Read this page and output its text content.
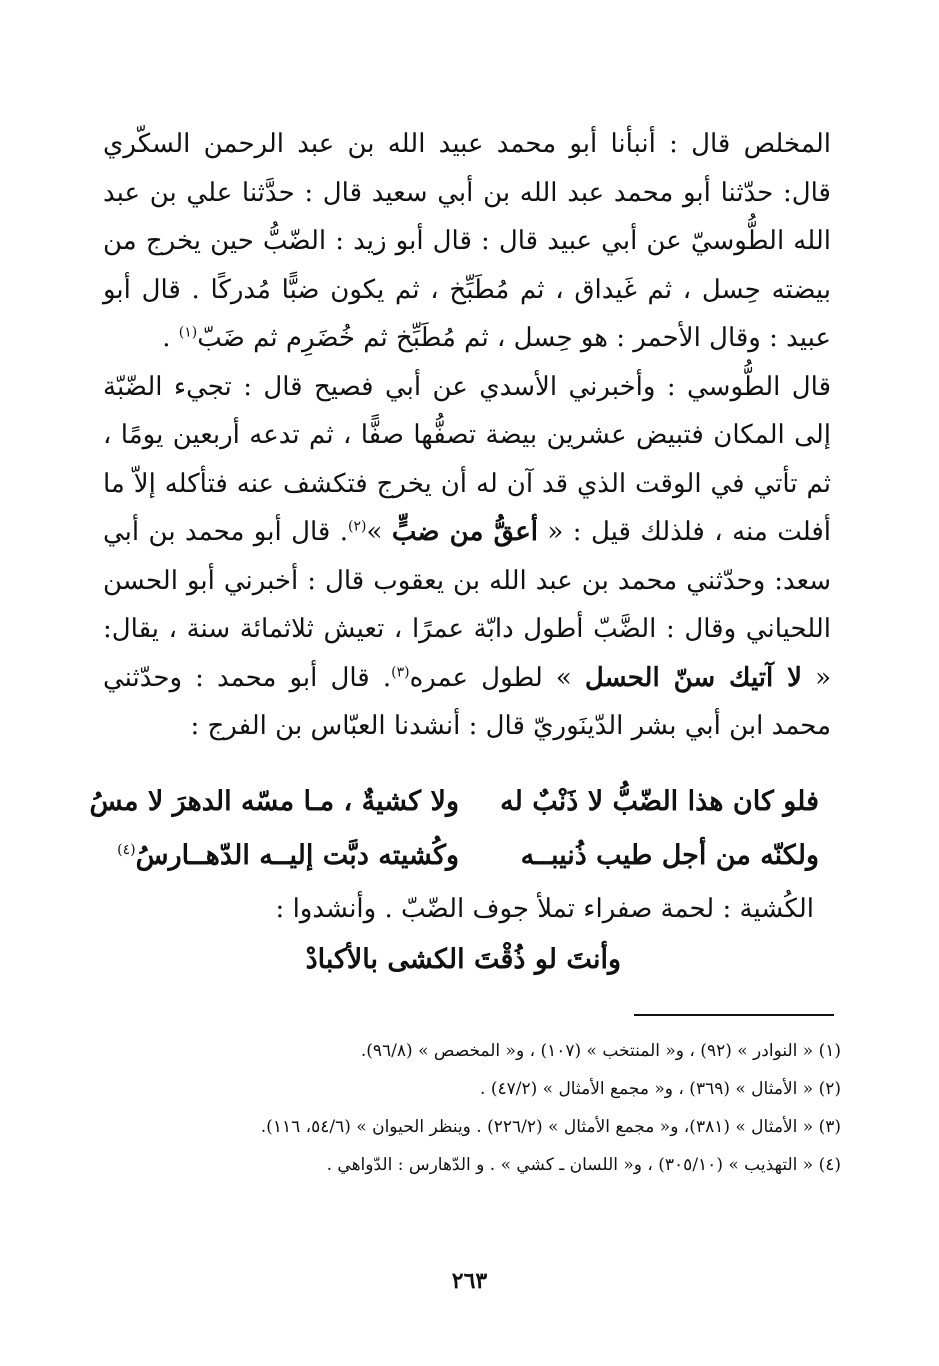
المخلص قال : أنبأنا أبو محمد عبيد الله بن عبد الرحمن السكّري قال: حدّثنا أبو محمد عبد الله بن أبي سعيد قال : حدَّثنا علي بن عبد الله الطُّوسيّ عن أبي عبيد قال : قال أبو زيد : الضّبُّ حين يخرج من بيضته حِسل ، ثم غَيداق ، ثم مُطَبِّخ ، ثم يكون ضبًّا مُدركًا . قال أبو عبيد : وقال الأحمر : هو حِسل ، ثم مُطَبِّخ ثم خُضَرِم ثم ضَبّ$^{(١)}$ .

قال الطُّوسي : وأخبرني الأسدي عن أبي فصيح قال : تجيء الضّبّة إلى المكان فتبيض عشرين بيضة تصفُّها صفًّا ، ثم تدعه أربعين يومًا ، ثم تأتي في الوقت الذي قد آن له أن يخرج فتكشف عنه فتأكله إلاّ ما أفلت منه ، فلذلك قيل : « أعقُّ من ضبٍّ »$^{(٢)}$. قال أبو محمد بن أبي سعد: وحدّثني محمد بن عبد الله بن يعقوب قال : أخبرني أبو الحسن اللحياني وقال : الضَّبّ أطول دابّة عمرًا ، تعيش ثلاثمائة سنة ، يقال: « لا آتيك سنّ الحسل » لطول عمره$^{(٣)}$. قال أبو محمد : وحدّثني محمد ابن أبي بشر الدّينَوريّ قال : أنشدنا العبّاس بن الفرج :

فلو كان هذا الضّبُّ لا ذَنْبٌ لهولا كشيةٌ ، مـا مسّه الدهرَ لا مسُ
ولكنّه من أجل طيب ذُنيبــهوكُشيته دبَّت إليــه الدّهــارسُ$^{(٤)}$
الكُشية : لحمة صفراء تملأ جوف الضّبّ . وأنشدوا :
وأنتَ لو ذُقْتَ الكشى بالأكبادْ

(١) « النوادر » (٩٢) ، و« المنتخب » (١٠٧) ، و« المخصص » (٩٦/٨).

(٢) « الأمثال » (٣٦٩) ، و« مجمع الأمثال » (٤٧/٢) .

(٣) « الأمثال » (٣٨١)، و« مجمع الأمثال » (٢٢٦/٢) . وينظر الحيوان » (٥٤/٦، ١١٦).

(٤) « التهذيب » (٣٠٥/١٠) ، و« اللسان ـ كشي » . و الدّهارس : الدّواهي .

٢٦٣
